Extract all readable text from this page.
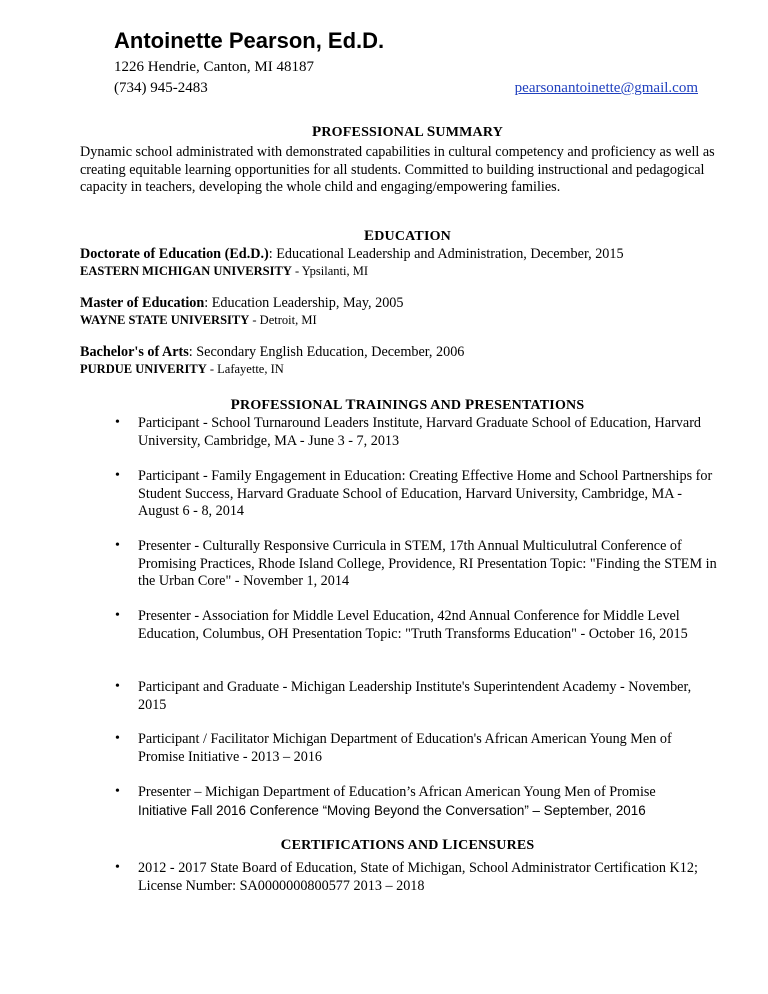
Antoinette Pearson, Ed.D.
1226 Hendrie, Canton, MI 48187
(734) 945-2483	pearsonantoinette@gmail.com
PROFESSIONAL SUMMARY
Dynamic school administrated with demonstrated capabilities in cultural competency and proficiency as well as creating equitable learning opportunities for all students. Committed to building instructional and pedagogical capacity in teachers, developing the whole child and engaging/empowering families.
EDUCATION
Doctorate of Education (Ed.D.): Educational Leadership and Administration, December, 2015
EASTERN MICHIGAN UNIVERSITY - Ypsilanti, MI
Master of Education: Education Leadership, May, 2005
WAYNE STATE UNIVERSITY - Detroit, MI
Bachelor's of Arts: Secondary English Education, December, 2006
PURDUE UNIVERITY - Lafayette, IN
PROFESSIONAL TRAININGS AND PRESENTATIONS
• Participant - School Turnaround Leaders Institute, Harvard Graduate School of Education, Harvard University, Cambridge, MA - June 3 - 7, 2013
• Participant - Family Engagement in Education: Creating Effective Home and School Partnerships for Student Success, Harvard Graduate School of Education, Harvard University, Cambridge, MA - August 6 - 8, 2014
• Presenter - Culturally Responsive Curricula in STEM, 17th Annual Multiculutral Conference of Promising Practices, Rhode Island College, Providence, RI Presentation Topic: "Finding the STEM in the Urban Core" - November 1, 2014
• Presenter - Association for Middle Level Education, 42nd Annual Conference for Middle Level Education, Columbus, OH Presentation Topic: "Truth Transforms Education" - October 16, 2015
• Participant and Graduate - Michigan Leadership Institute's Superintendent Academy - November, 2015
• Participant / Facilitator Michigan Department of Education's African American Young Men of Promise Initiative - 2013 – 2016
• Presenter – Michigan Department of Education’s African American Young Men of Promise
Initiative Fall 2016 Conference “Moving Beyond the Conversation” – September, 2016
CERTIFICATIONS AND LICENSURES
• 2012 - 2017 State Board of Education, State of Michigan, School Administrator Certification K12; License Number: SA0000000800577 2013 – 2018
